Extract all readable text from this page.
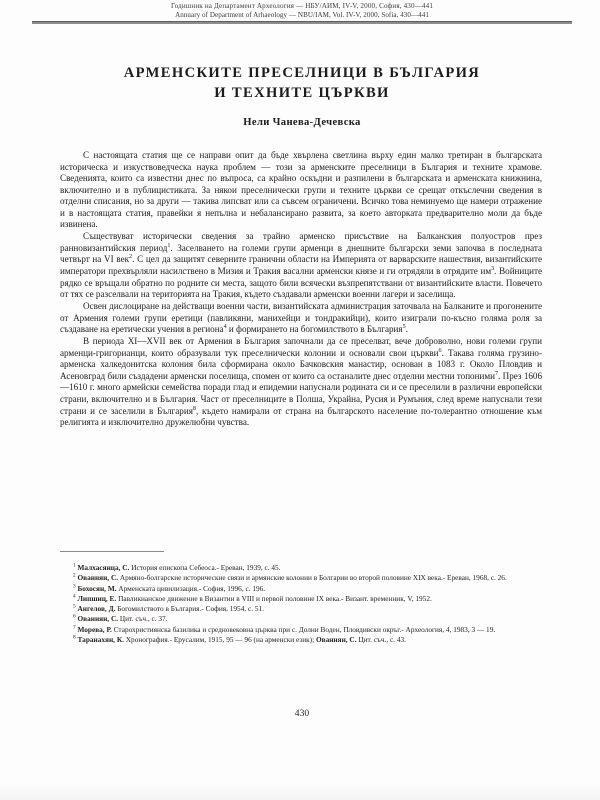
Годишник на Департамент Археология — НБУ/АИМ, IV-V, 2000, София, 430—441
Annuary of Department of Arhaeology — NBU/IAM, Vol. IV-V, 2000, Sofia, 430—441
АРМЕНСКИТЕ ПРЕСЕЛНИЦИ В БЪЛГАРИЯ
И ТЕХНИТЕ ЦЪРКВИ
Нели Чанева-Дечевска

С настоящата статия ще се направи опит да бъде хвърлена светлина върху един малко третиран в българската историческа и изкуствоведческа наука проблем — този за арменските преселници в България и техните храмове. Сведенията, които са известни днес по въпроса, са крайно оскъдни и разпилени в българската и арменската книжнина, включително и в публицистиката. За някои преселнически групи и техните църкви се срещат откъслечни сведения в отделни списания, но за други — такива липсват или са съвсем ограничени. Всичко това неминуемо ще намери отражение и в настоящата статия, правейки я непълна и небалансирано развита, за което авторката предварително моли да бъде извинена.

Съществуват исторически сведения за трайно арменско присъствие на Балканския полуостров през ранновизантийския период$^1$. Заселването на големи групи арменци в днешните български земи започва в последната четвърт на VI век$^2$. С цел да защитят северните гранични области на Империята от варварските нашествия, византийските императори прехвърляли насилствено в Мизия и Тракия васални арменски князе и ги отрядяли в отрядите $им^3$. Войниците рядко се връщали обратно по родните си места, защото били всячески възпрепятствани от византийските власти. Повечето от тях се разселвали на територията на Тракия, където създавали арменски военни лагери и заселища.

Освен дислоциране на действащи военни части, византийската администрация заточвала на Балканите и прогонените от Армения големи групи еретици (павликяни, манихейци и тондракийци), които изиграли по-късно голяма роля за създаване на еретически учения в региона$^4$ и формирането на богомилството в България$^5$.

В периода XI—XVII век от Армения в България започнали да се преселват, вече доброволно, нови големи групи арменци-григорианци, които образували тук преселнически колонии и основали свои църкви$^6$. Такава голяма грузино-арменска халкедонитска колония била сформирана около Бачковския манастир, основан в 1083 г. Около Пловдив и Асеновград били създадени арменски поселища, спомен от които са останалите днес отделни местни топоними$^7$. През 1606—1610 г. много армейски семейства поради глад и епидемии напуснали родината си и се преселили в различни европейски страни, включително и в България. Част от преселниците в Полша, Украйна, Русия и Румъния, след време напуснали тези страни и се заселили в България$^8$, където намирали от страна на българското население по-толерантно отношение към религията и изключително дружелюбни чувства.

$^1$ Малхасянца, С. История епископа Себеоса.- Ереван, 1939, с. 45.

$^2$ Ованнян, С. Армяно-болгарские исторические связи и армянские колонии в Болгарии во второй половине XIX века.- Ереван, 1968, с. 26.

$^3$ Бохосян, М. Арменската цивилизация.- София, 1996, с. 196.

$^4$ Липшиц, Е. Павликианское движение в Византии в VIII и первой половине IX века.- Визант. временник, V, 1952.

$^5$ Ангелов, Д. Богомилството в България.- София, 1954, с. 51.

$^6$ Ованнян, С. Цит. съч., с. 37.

$^7$ Морева, Р. Старохристиянска базилика и средновековна църква при с. Долни Воден, Пловдивски окръг.- Археология, 4, 1983, 3 — 19.

$^8$ Таранахян, К. Хронография.- Ерусалим, 1915, 95 — 96 (на арменски език); Ованнян, С. Цит. съч., с. 43.

430
